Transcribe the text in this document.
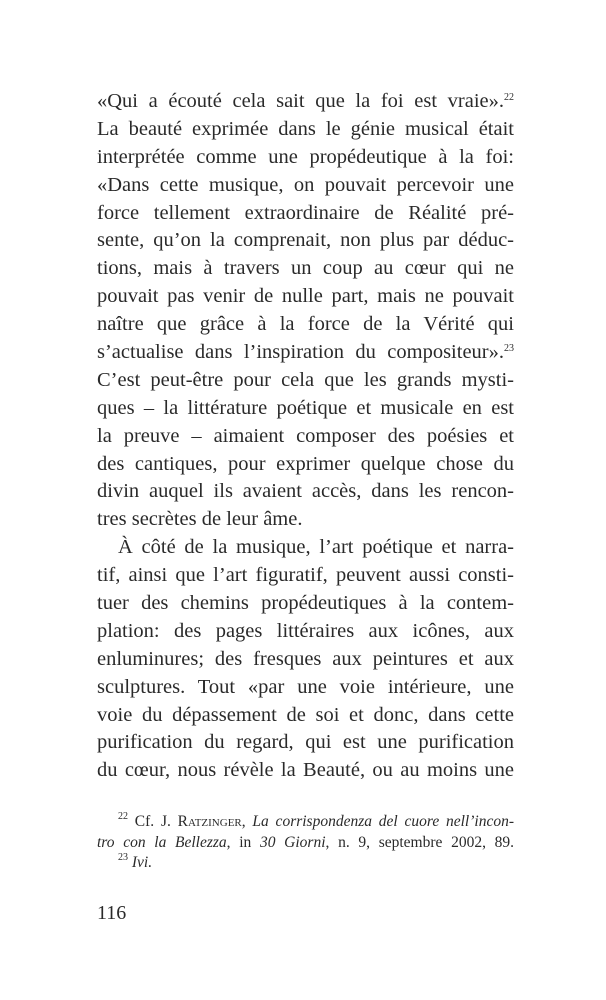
«Qui a écouté cela sait que la foi est vraie».$^{22}$
La beauté exprimée dans le génie musical était
interprétée comme une propédeutique à la foi:
«Dans cette musique, on pouvait percevoir une
force tellement extraordinaire de Réalité pré-
sente, qu’on la comprenait, non plus par déduc-
tions, mais à travers un coup au cœur qui ne
pouvait pas venir de nulle part, mais ne pouvait
naître que grâce à la force de la Vérité qui
s’actualise dans l’inspiration du compositeur».$^{23}$
C’est peut-être pour cela que les grands mysti-
ques – la littérature poétique et musicale en est
la preuve – aimaient composer des poésies et
des cantiques, pour exprimer quelque chose du
divin auquel ils avaient accès, dans les rencon-
tres secrètes de leur âme.
À côté de la musique, l’art poétique et narra-
tif, ainsi que l’art figuratif, peuvent aussi consti-
tuer des chemins propédeutiques à la contem-
plation: des pages littéraires aux icônes, aux
enluminures; des fresques aux peintures et aux
sculptures. Tout «par une voie intérieure, une
voie du dépassement de soi et donc, dans cette
purification du regard, qui est une purification
du cœur, nous révèle la Beauté, ou au moins une
$^{22}$ Cf. J. Ratzinger, La corrispondenza del cuore nell’incon-
tro con la Bellezza, in 30 Giorni, n. 9, septembre 2002, 89.
$^{23}$ Ivi.
116
